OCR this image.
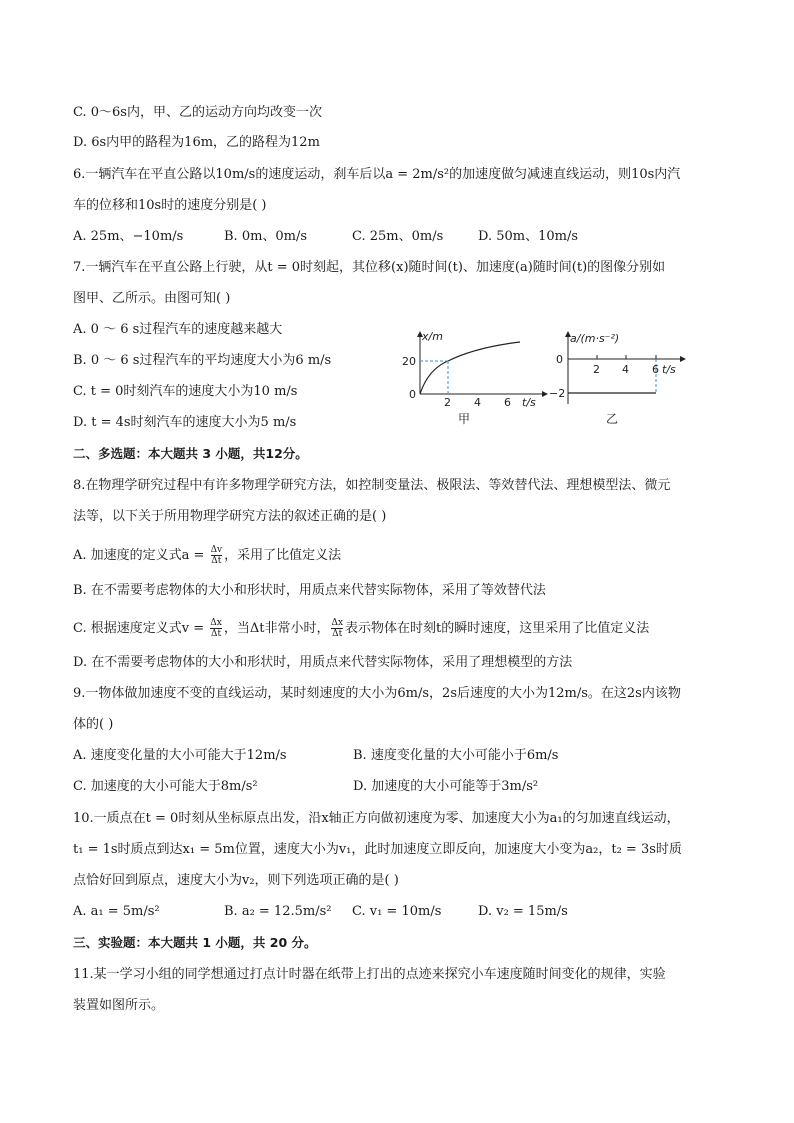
C. 0～6s内，甲、乙的运动方向均改变一次
D. 6s内甲的路程为16m，乙的路程为12m
6.一辆汽车在平直公路以10m/s的速度运动，刹车后以a = 2m/s²的加速度做匀减速直线运动，则10s内汽
车的位移和10s时的速度分别是( )
A. 25m、−10m/s	B. 0m、0m/s	C. 25m、0m/s	D. 50m、10m/s
7.一辆汽车在平直公路上行驶，从t = 0时刻起，其位移(x)随时间(t)、加速度(a)随时间(t)的图像分别如
图甲、乙所示。由图可知( )
A. 0 ～ 6 s过程汽车的速度越来越大
B. 0 ～ 6 s过程汽车的平均速度大小为6 m/s
C. t = 0时刻汽车的速度大小为10 m/s
D. t = 4s时刻汽车的速度大小为5 m/s
x/m
20
0
2 4 6 t/s
甲
a/(m·s⁻²)
0
−2
2 4 6 t/s
乙
二、多选题：本大题共 3 小题，共12分。
8.在物理学研究过程中有许多物理学研究方法，如控制变量法、极限法、等效替代法、理想模型法、微元
法等，以下关于所用物理学研究方法的叙述正确的是( )
A. 加速度的定义式$a = \frac{\Delta v}{\Delta t}$ ，采用了比值定义法
B. 在不需要考虑物体的大小和形状时，用质点来代替实际物体，采用了等效替代法
C. 根据速度定义式$v = \frac{\Delta x}{\Delta t}$ ，当Δt非常小时， $\frac{\Delta x}{\Delta t}$ 表示物体在时刻t的瞬时速度，这里采用了比值定义法
D. 在不需要考虑物体的大小和形状时，用质点来代替实际物体，采用了理想模型的方法
9.一物体做加速度不变的直线运动，某时刻速度的大小为6m/s，2s后速度的大小为12m/s。在这2s内该物
体的( )
A. 速度变化量的大小可能大于12m/s	B. 速度变化量的大小可能小于6m/s
C. 加速度的大小可能大于8m/s²	D. 加速度的大小可能等于3m/s²
10.一质点在t = 0时刻从坐标原点出发，沿x轴正方向做初速度为零、加速度大小为a₁的匀加速直线运动，
t₁ = 1s时质点到达x₁ = 5m位置，速度大小为v₁，此时加速度立即反向，加速度大小变为a₂，t₂ = 3s时质
点恰好回到原点，速度大小为v₂，则下列选项正确的是( )
A. a₁ = 5m/s²	B. a₂ = 12.5m/s² C. v₁ = 10m/s	D. v₂ = 15m/s
三、实验题：本大题共 1 小题，共 20 分。
11.某一学习小组的同学想通过打点计时器在纸带上打出的点迹来探究小车速度随时间变化的规律，实验
装置如图所示。
